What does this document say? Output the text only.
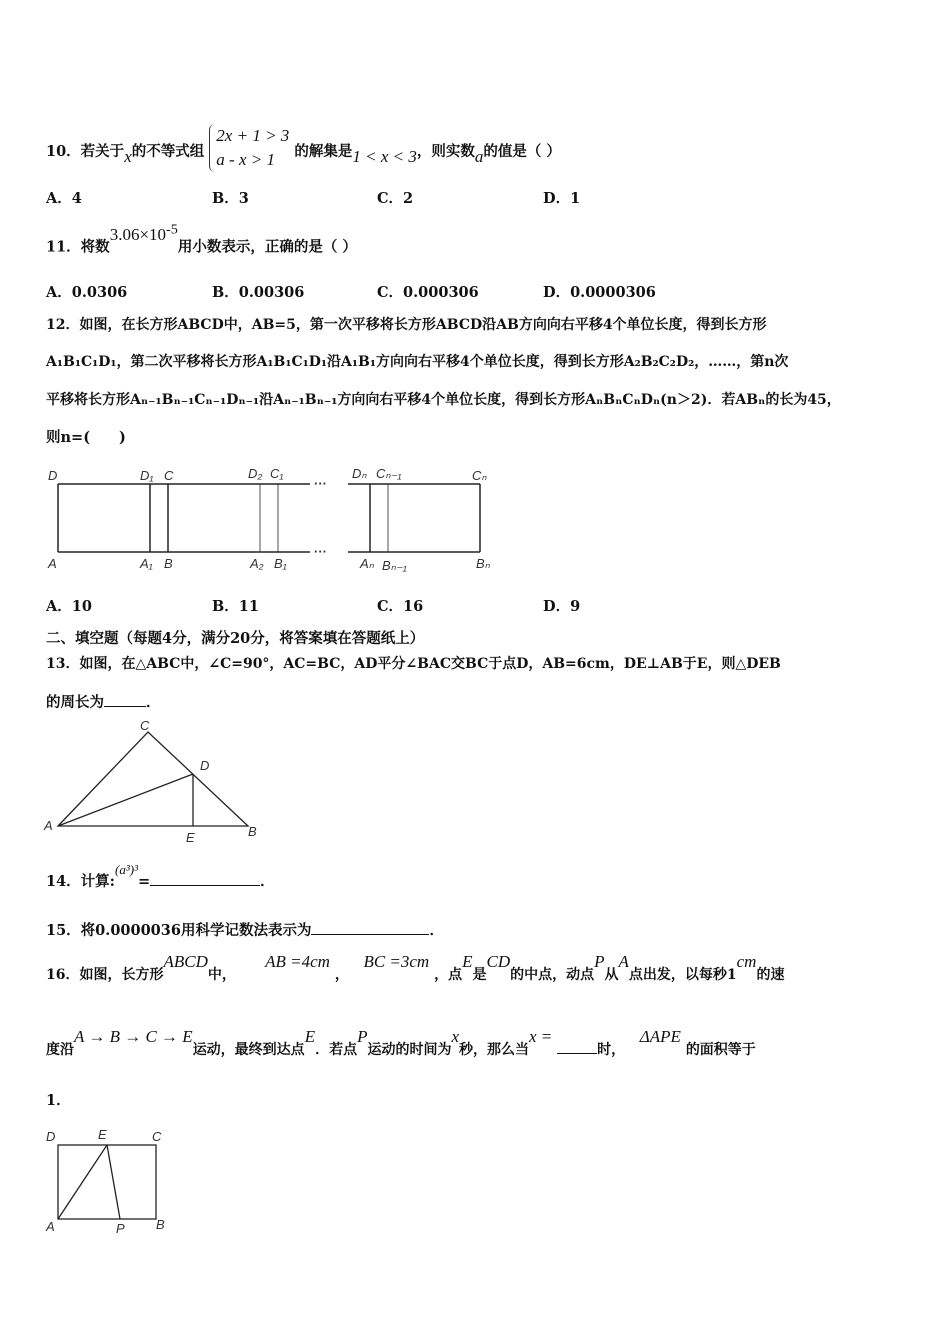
10．若关于x的不等式组
2x + 1 > 3
a - x > 1	的解集是1 < x < 3，则实数a的值是（ ）
A．4	B．3	C．2	D．1
11．将数$3.06\times 10^{-5}$用小数表示，正确的是（ ）
A．0.0306	B．0.00306	C．0.000306	D．0.0000306
12．如图，在长方形ABCD中，AB=5，第一次平移将长方形ABCD沿AB方向向右平移4个单位长度，得到长方形
A₁B₁C₁D₁，第二次平移将长方形A₁B₁C₁D₁沿A₁B₁方向向右平移4个单位长度，得到长方形A₂B₂C₂D₂，……，第n次
平移将长方形Aₙ₋₁Bₙ₋₁Cₙ₋₁Dₙ₋₁沿Aₙ₋₁Bₙ₋₁方向向右平移4个单位长度，得到长方形AₙBₙCₙDₙ(n＞2)．若ABₙ的长为45，
则n=(　　)
···
···
D	D₁ C	D₂ C₁	Dₙ Cₙ₋₁	Cₙ
A	A₁ B	A₂ B₁	Aₙ Bₙ₋₁	Bₙ
A．10	B．11	C．16	D．9
二、填空题（每题4分，满分20分，将答案填在答题纸上）
13．如图，在△ABC中，∠C=90°，AC=BC，AD平分∠BAC交BC于点D，AB=6cm，DE⊥AB于E，则△DEB
的周长为	．
A
C
D
E	B
14．计算:(a³)³=	．
15．将0.0000036用科学记数法表示为	．
16．如图，长方形ABCD中，      AB =4cm ，   BC =3cm ，点E是CD的中点，动点P从A点出发，以每秒1cm的速
度沿A → B → C → E运动，最终到达点E．若点P运动的时间为x秒，那么当x = 时，   ΔAPE 的面积等于
1．
D	E	C
A	P B
